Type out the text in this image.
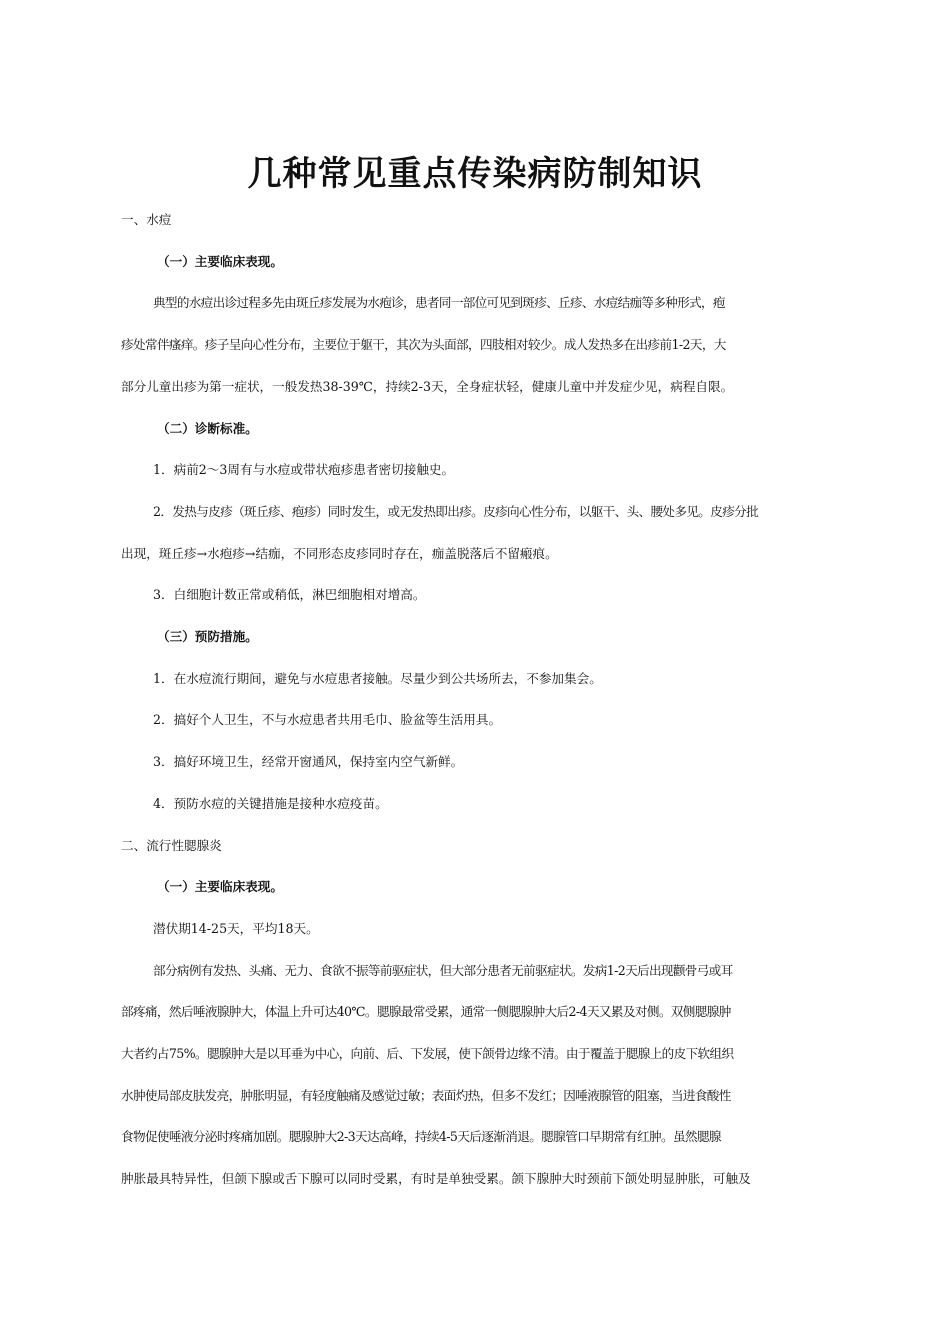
几种常见重点传染病防制知识
一、水痘
（一）主要临床表现。
典型的水痘出诊过程多先由斑丘疹发展为水疱诊，患者同一部位可见到斑疹、丘疹、水痘结痂等多种形式，疱
疹处常伴瘙痒。疹子呈向心性分布，主要位于躯干，其次为头面部，四肢相对较少。成人发热多在出疹前1-2天，大
部分儿童出疹为第一症状，一般发热38-39℃，持续2-3天，全身症状轻，健康儿童中并发症少见，病程自限。
（二）诊断标准。
1．病前2～3周有与水痘或带状疱疹患者密切接触史。
2．发热与皮疹（斑丘疹、疱疹）同时发生，或无发热即出疹。皮疹向心性分布，以躯干、头、腰处多见。皮疹分批
出现，斑丘疹→水疱疹→结痂，不同形态皮疹同时存在，痂盖脱落后不留瘢痕。
3．白细胞计数正常或稍低，淋巴细胞相对增高。
（三）预防措施。
1．在水痘流行期间，避免与水痘患者接触。尽量少到公共场所去，不参加集会。
2．搞好个人卫生，不与水痘患者共用毛巾、脸盆等生活用具。
3．搞好环境卫生，经常开窗通风，保持室内空气新鲜。
4．预防水痘的关键措施是接种水痘疫苗。
二、流行性腮腺炎
（一）主要临床表现。
潜伏期14-25天，平均18天。
部分病例有发热、头痛、无力、食欲不振等前驱症状，但大部分患者无前驱症状。发病1-2天后出现颧骨弓或耳
部疼痛，然后唾液腺肿大，体温上升可达40℃。腮腺最常受累，通常一侧腮腺肿大后2-4天又累及对侧。双侧腮腺肿
大者约占75%。腮腺肿大是以耳垂为中心，向前、后、下发展，使下颌骨边缘不清。由于覆盖于腮腺上的皮下软组织
水肿使局部皮肤发亮，肿胀明显，有轻度触痛及感觉过敏；表面灼热，但多不发红；因唾液腺管的阻塞，当进食酸性
食物促使唾液分泌时疼痛加剧。腮腺肿大2-3天达高峰，持续4-5天后逐渐消退。腮腺管口早期常有红肿。虽然腮腺
肿胀最具特异性，但颌下腺或舌下腺可以同时受累，有时是单独受累。颌下腺肿大时颈前下颌处明显肿胀，可触及
